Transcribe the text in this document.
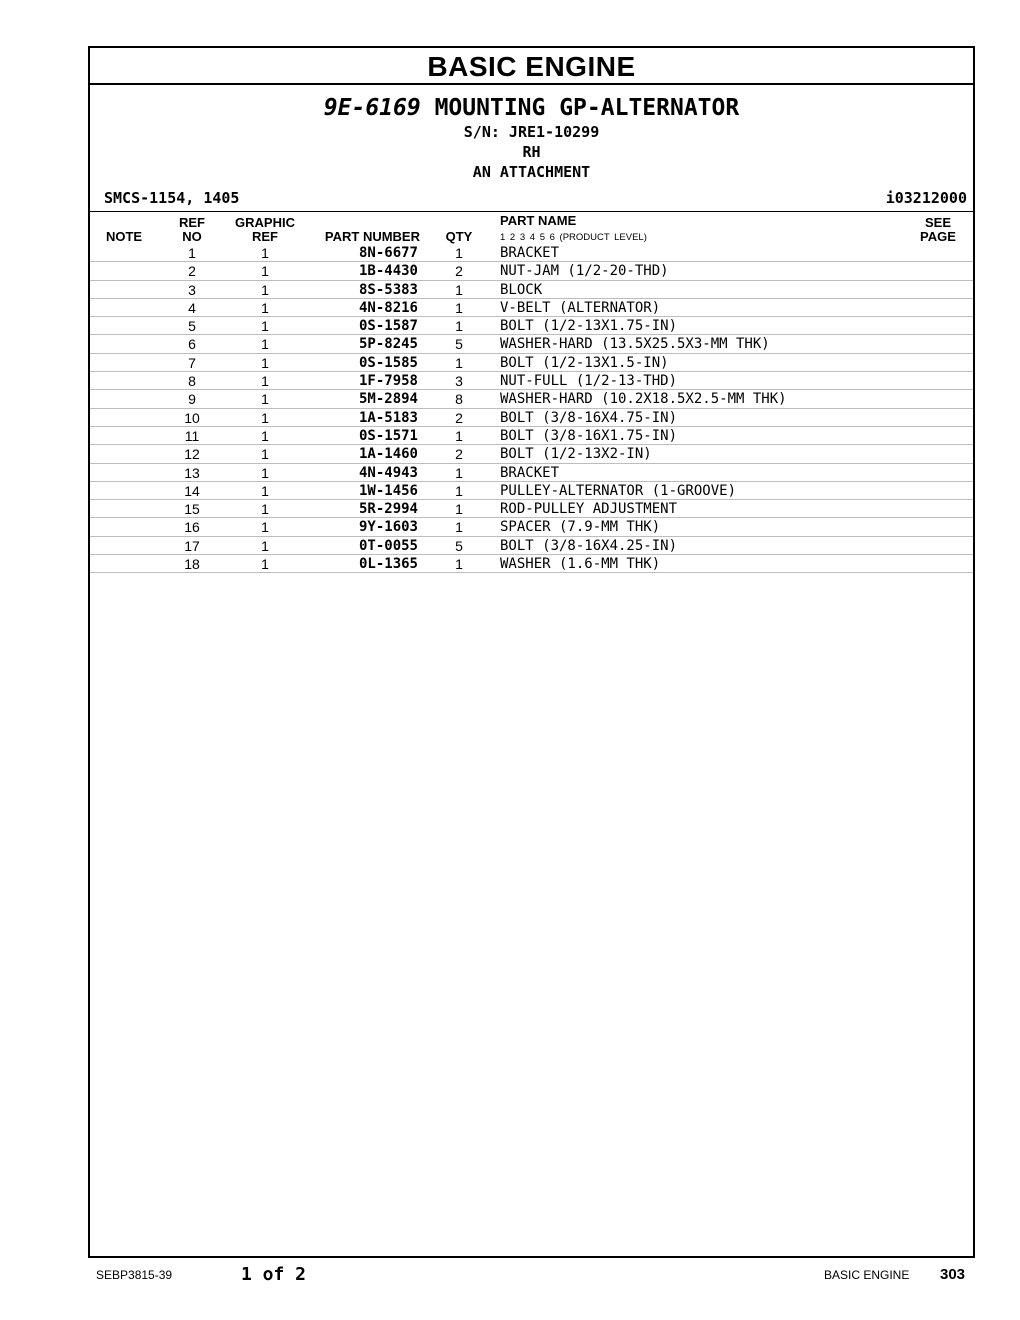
BASIC ENGINE
9E-6169 MOUNTING GP-ALTERNATOR
S/N: JRE1-10299
RH
AN ATTACHMENT
SMCS-1154, 1405	i03212000
NOTE
REF
NO
GRAPHIC
REF	PART NUMBER	QTY
PART NAME
1 2 3 4 5 6 (PRODUCT LEVEL)
SEE
PAGE
1	1	8N-6677	1	BRACKET
2	1	1B-4430	2	NUT-JAM (1/2-20-THD)
3	1	8S-5383	1	BLOCK
4	1	4N-8216	1	V-BELT (ALTERNATOR)
5	1	0S-1587	1	BOLT (1/2-13X1.75-IN)
6	1	5P-8245	5	WASHER-HARD (13.5X25.5X3-MM THK)
7	1	0S-1585	1	BOLT (1/2-13X1.5-IN)
8	1	1F-7958	3	NUT-FULL (1/2-13-THD)
9	1	5M-2894	8	WASHER-HARD (10.2X18.5X2.5-MM THK)
10	1	1A-5183	2	BOLT (3/8-16X4.75-IN)
11	1	0S-1571	1	BOLT (3/8-16X1.75-IN)
12	1	1A-1460	2	BOLT (1/2-13X2-IN)
13	1	4N-4943	1	BRACKET
14	1	1W-1456	1	PULLEY-ALTERNATOR (1-GROOVE)
15	1	5R-2994	1	ROD-PULLEY ADJUSTMENT
16	1	9Y-1603	1	SPACER (7.9-MM THK)
17	1	0T-0055	5	BOLT (3/8-16X4.25-IN)
18	1	0L-1365	1	WASHER (1.6-MM THK)
SEBP3815-39	1 of 2	BASIC ENGINE 303
